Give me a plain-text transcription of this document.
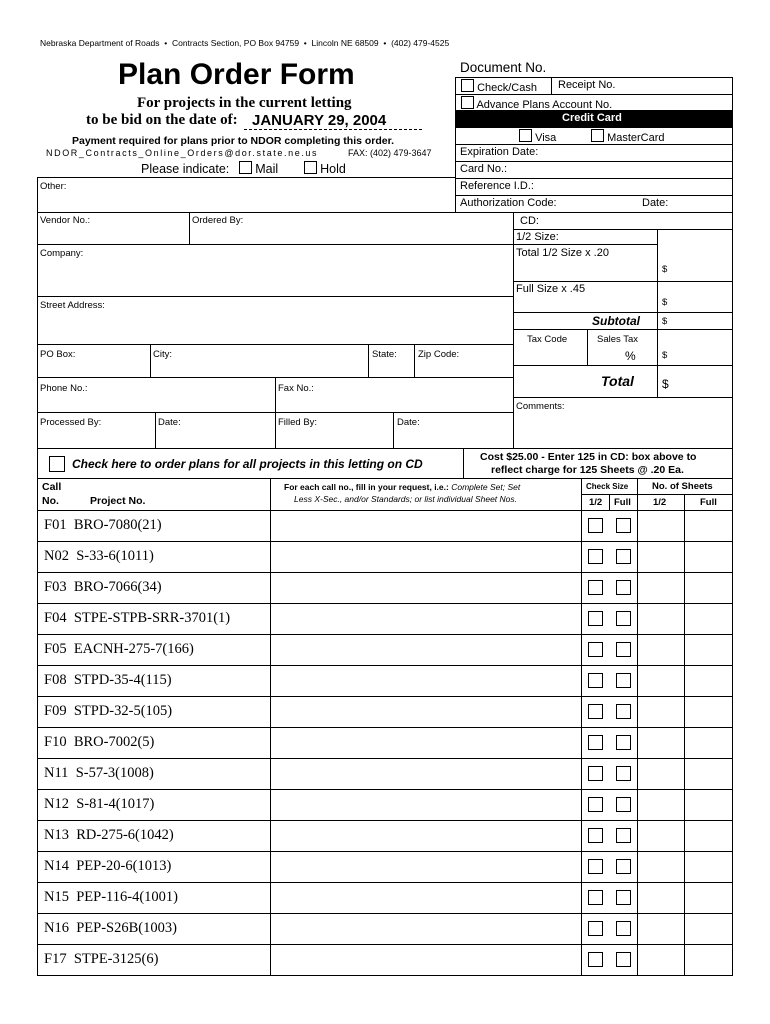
Nebraska Department of Roads  •  Contracts Section, PO Box 94759  •  Lincoln NE 68509  •  (402) 479-4525
Plan Order Form
For projects in the current letting
to be bid on the date of: JANUARY 29, 2004
Payment required for plans prior to NDOR completing this order.
NDOR_Contracts_Online_Orders@dor.state.ne.us	FAX: (402) 479-3647
Please indicate: Mail	Hold
Document No.
Check/Cash Receipt No.
Advance Plans Account No.
Credit Card
Visa	MasterCard
Expiration Date:
Card No.:
Reference I.D.:
Authorization Code:	Date:
Other:
Vendor No.:	Ordered By:
Company:
Street Address:
PO Box:	City:	State: Zip Code:
Phone No.:	Fax No.:
Processed By:	Date:	Filled By:	Date:
CD:
1/2 Size:
Total 1/2 Size x .20
$
Full Size x .45
$
Subtotal $
Tax Code	Sales Tax
%	$
Total $
Comments:
Check here to order plans for all projects in this letting on CD	Cost $25.00 - Enter 125 in CD: box above to
reflect charge for 125 Sheets @ .20 Ea.
Call
No.	Project No.
For each call no., fill in your request, i.e.: Complete Set; Set
Less X-Sec., and/or Standards; or list individual Sheet Nos.
Check Size	No. of Sheets
1/2 Full 1/2	Full
F01  BRO-7080(21)
N02  S-33-6(1011)
F03  BRO-7066(34)
F04  STPE-STPB-SRR-3701(1)
F05  EACNH-275-7(166)
F08  STPD-35-4(115)
F09  STPD-32-5(105)
F10  BRO-7002(5)
N11  S-57-3(1008)
N12  S-81-4(1017)
N13  RD-275-6(1042)
N14  PEP-20-6(1013)
N15  PEP-116-4(1001)
N16  PEP-S26B(1003)
F17  STPE-3125(6)
